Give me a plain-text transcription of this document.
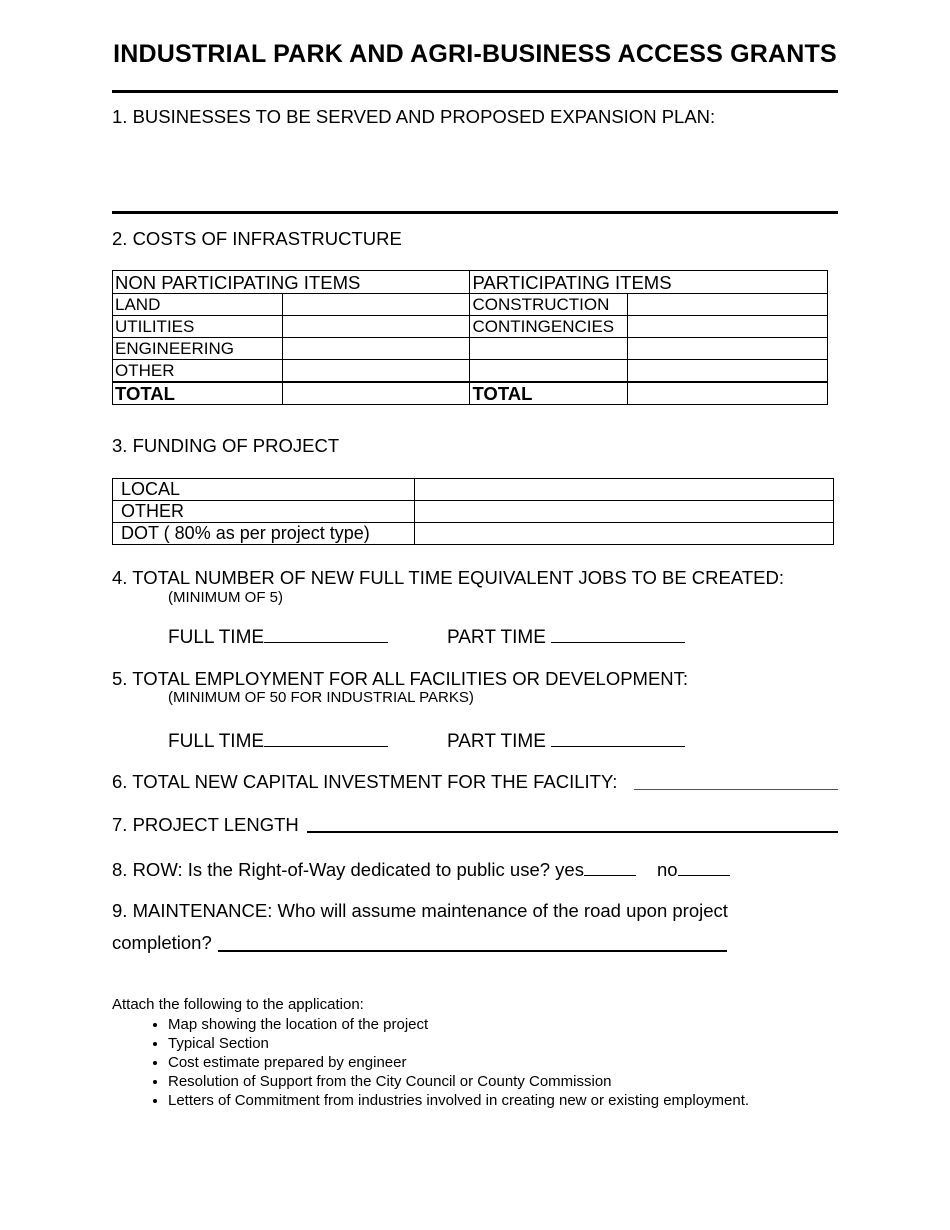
INDUSTRIAL PARK AND AGRI-BUSINESS ACCESS GRANTS
1. BUSINESSES TO BE SERVED AND PROPOSED EXPANSION PLAN:
2. COSTS OF INFRASTRUCTURE
NON PARTICIPATING ITEMS		PARTICIPATING ITEMS	
LAND		CONSTRUCTION	
UTILITIES		CONTINGENCIES	
ENGINEERING			
OTHER			
TOTAL		TOTAL	
3. FUNDING OF PROJECT
LOCAL	
OTHER	
DOT ( 80% as per project type)	
4. TOTAL NUMBER OF NEW FULL TIME EQUIVALENT JOBS TO BE CREATED:
(MINIMUM OF 5)
FULL TIME	PART TIME
5. TOTAL EMPLOYMENT FOR ALL FACILITIES OR DEVELOPMENT:
(MINIMUM OF 50 FOR INDUSTRIAL PARKS)
FULL TIME	PART TIME
6. TOTAL NEW CAPITAL INVESTMENT FOR THE FACILITY:
7. PROJECT LENGTH
8. ROW: Is the Right-of-Way dedicated to public use? yes	no
9. MAINTENANCE: Who will assume maintenance of the road upon project
completion?
Attach the following to the application:
• Map showing the location of the project
• Typical Section
• Cost estimate prepared by engineer
• Resolution of Support from the City Council or County Commission
• Letters of Commitment from industries involved in creating new or existing employment.
